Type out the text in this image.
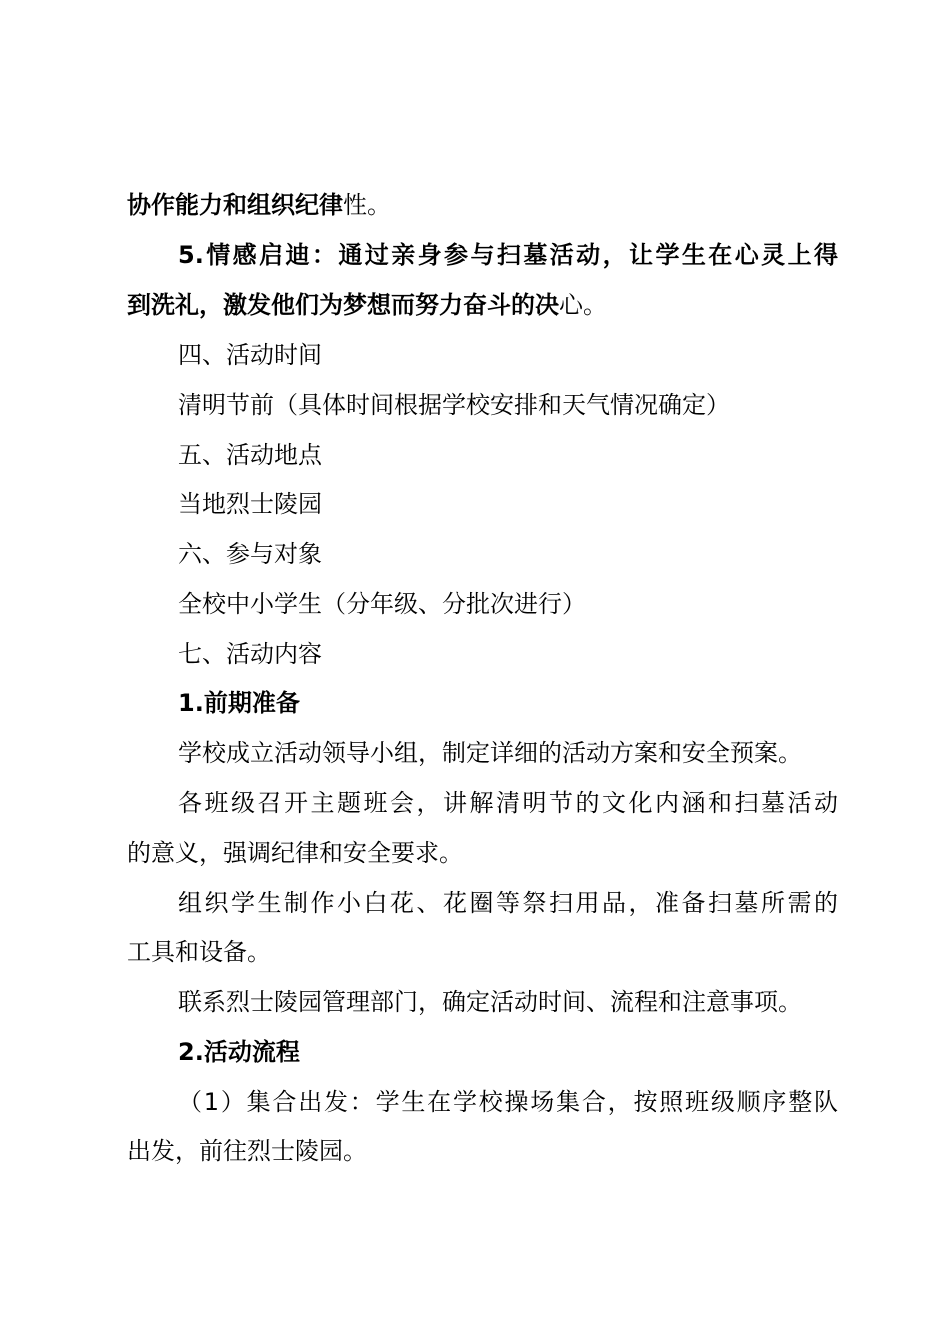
协作能力和组织纪律性。
5.情感启迪：通过亲身参与扫墓活动，让学生在心灵上得
到洗礼，激发他们为梦想而努力奋斗的决心。
四、活动时间
清明节前（具体时间根据学校安排和天气情况确定）
五、活动地点
当地烈士陵园
六、参与对象
全校中小学生（分年级、分批次进行）
七、活动内容
1.前期准备
学校成立活动领导小组，制定详细的活动方案和安全预案。
各班级召开主题班会，讲解清明节的文化内涵和扫墓活动
的意义，强调纪律和安全要求。
组织学生制作小白花、花圈等祭扫用品，准备扫墓所需的
工具和设备。
联系烈士陵园管理部门，确定活动时间、流程和注意事项。
2.活动流程
（1）集合出发：学生在学校操场集合，按照班级顺序整队
出发，前往烈士陵园。
